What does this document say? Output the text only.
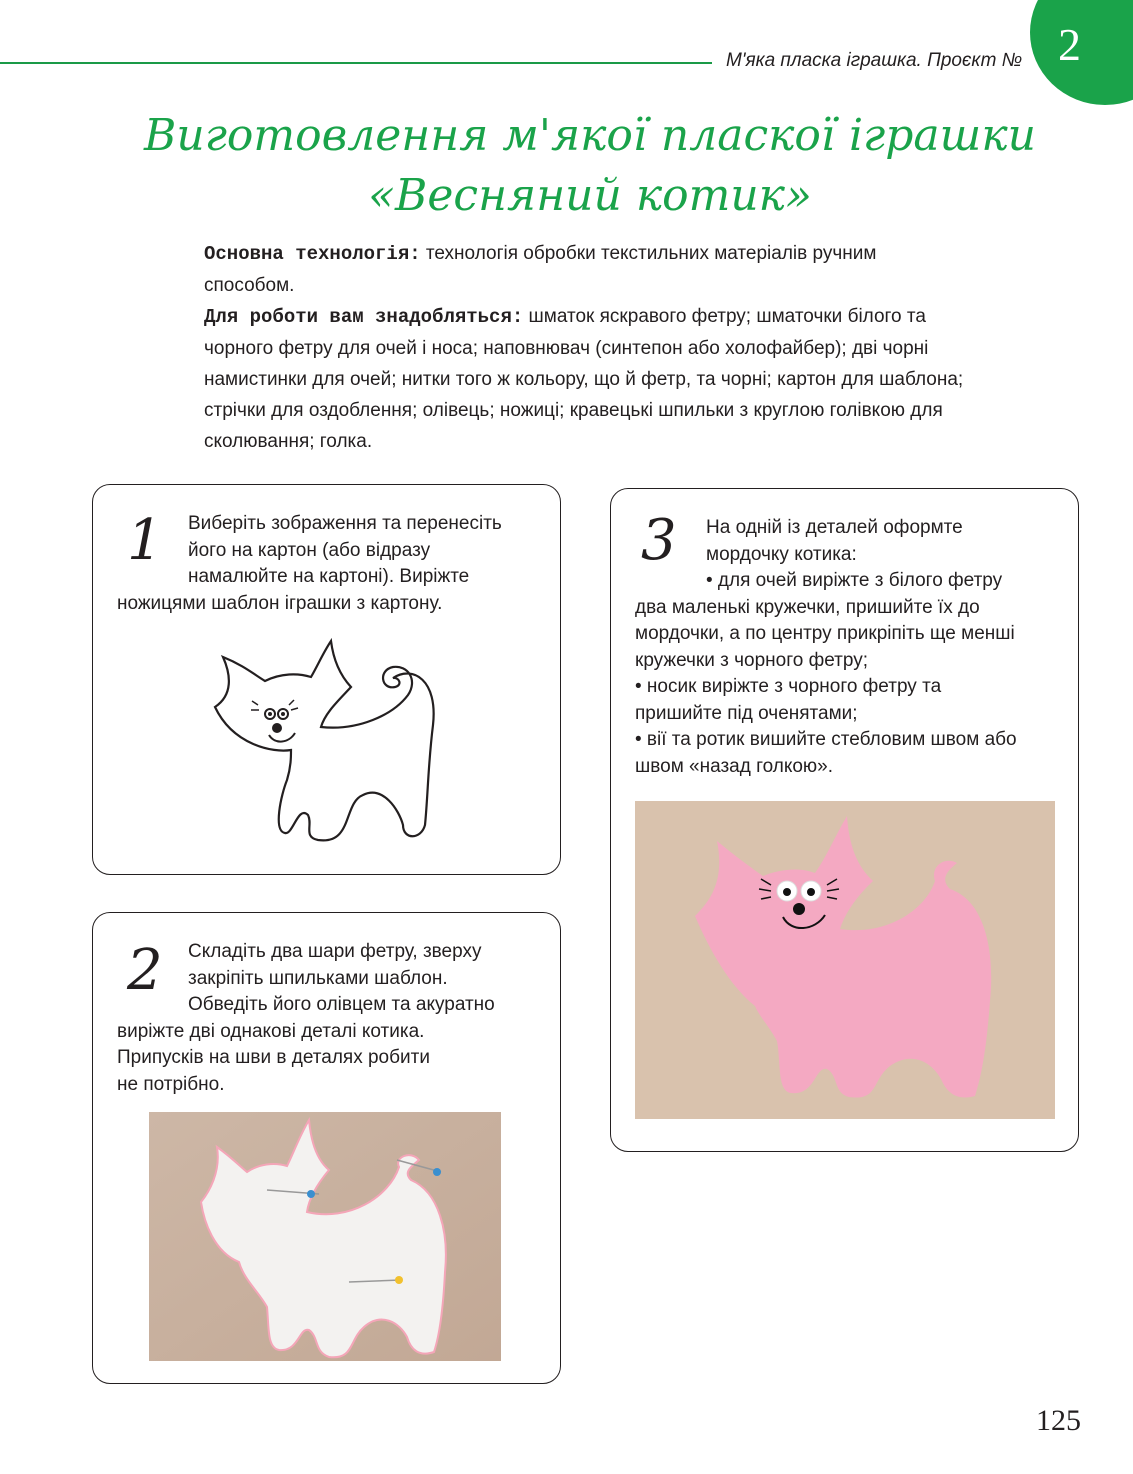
М'яка пласка іграшка. Проєкт № 2
Виготовлення м'якої пласкої іграшки
«Весняний котик»
Основна технологія: технологія обробки текстильних матеріалів ручним способом.
Для роботи вам знадобляться: шматок яскравого фетру; шматочки білого та чорного фетру для очей і носа; наповнювач (синтепон або холофайбер); дві чорні намистинки для очей; нитки того ж кольору, що й фетр, та чорні; картон для шаблона; стрічки для оздоблення; олівець; ножиці; кравецькі шпильки з круглою голівкою для сколювання; голка.
1	Виберіть зображення та перенесіть
його на картон (або відразу
намалюйте на картоні). Виріжте
ножицями шаблон іграшки з картону.
2	Складіть два шари фетру, зверху
закріпіть шпильками шаблон.
Обведіть його олівцем та акуратно
виріжте дві однакові деталі котика.
Припусків на шви в деталях робити
не потрібно.
3	На одній із деталей оформте
мордочку котика:
• для очей виріжте з білого фетру
два маленькі кружечки, пришийте їх до
мордочки, а по центру прикріпіть ще менші
кружечки з чорного фетру;
• носик виріжте з чорного фетру та
пришийте під оченятами;
• вії та ротик вишийте стебловим швом або
швом «назад голкою».
125
